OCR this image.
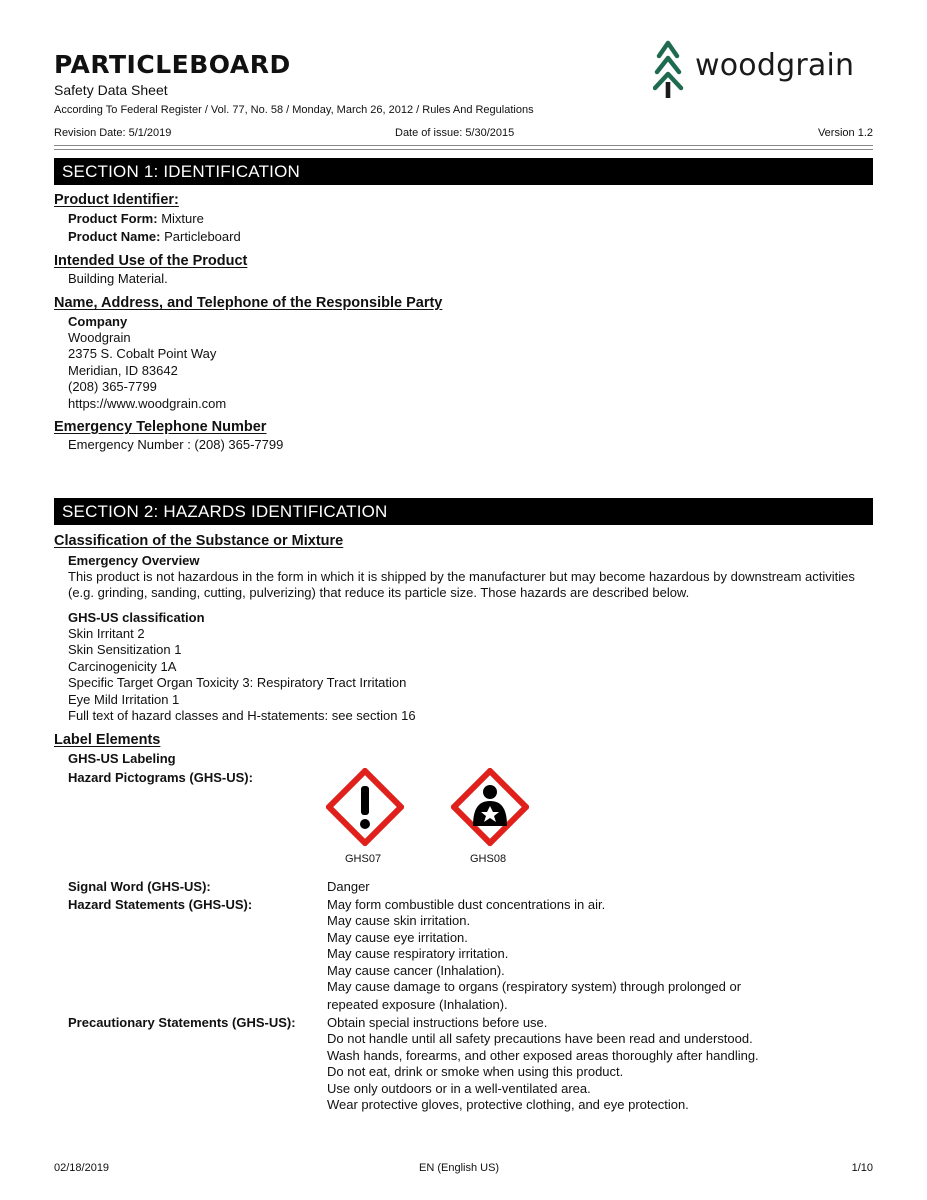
PARTICLEBOARD
Safety Data Sheet
According To Federal Register / Vol. 77, No. 58 / Monday, March 26, 2012 / Rules And Regulations
woodgrain
Revision Date: 5/1/2019	Date of issue: 5/30/2015	Version 1.2
SECTION 1: IDENTIFICATION
Product Identifier:
Product Form: Mixture
Product Name: Particleboard
Intended Use of the Product
Building Material.
Name, Address, and Telephone of the Responsible Party
Company
Woodgrain
2375 S. Cobalt Point Way
Meridian, ID 83642
(208) 365-7799
https://www.woodgrain.com
Emergency Telephone Number
Emergency Number : (208) 365-7799
SECTION 2: HAZARDS IDENTIFICATION
Classification of the Substance or Mixture
Emergency Overview
This product is not hazardous in the form in which it is shipped by the manufacturer but may become hazardous by downstream activities (e.g. grinding, sanding, cutting, pulverizing) that reduce its particle size. Those hazards are described below.
GHS-US classification
Skin Irritant 2
Skin Sensitization 1
Carcinogenicity 1A
Specific Target Organ Toxicity 3: Respiratory Tract Irritation
Eye Mild Irritation 1
Full text of hazard classes and H-statements: see section 16
Label Elements
GHS-US Labeling
Hazard Pictograms (GHS-US):
GHS07	GHS08
Signal Word (GHS-US):	Danger
Hazard Statements (GHS-US):	May form combustible dust concentrations in air.
May cause skin irritation.
May cause eye irritation.
May cause respiratory irritation.
May cause cancer (Inhalation).
May cause damage to organs (respiratory system) through prolonged or
repeated exposure (Inhalation).
Precautionary Statements (GHS-US): Obtain special instructions before use.
Do not handle until all safety precautions have been read and understood.
Wash hands, forearms, and other exposed areas thoroughly after handling.
Do not eat, drink or smoke when using this product.
Use only outdoors or in a well-ventilated area.
Wear protective gloves, protective clothing, and eye protection.
02/18/2019	EN (English US)	1/10
